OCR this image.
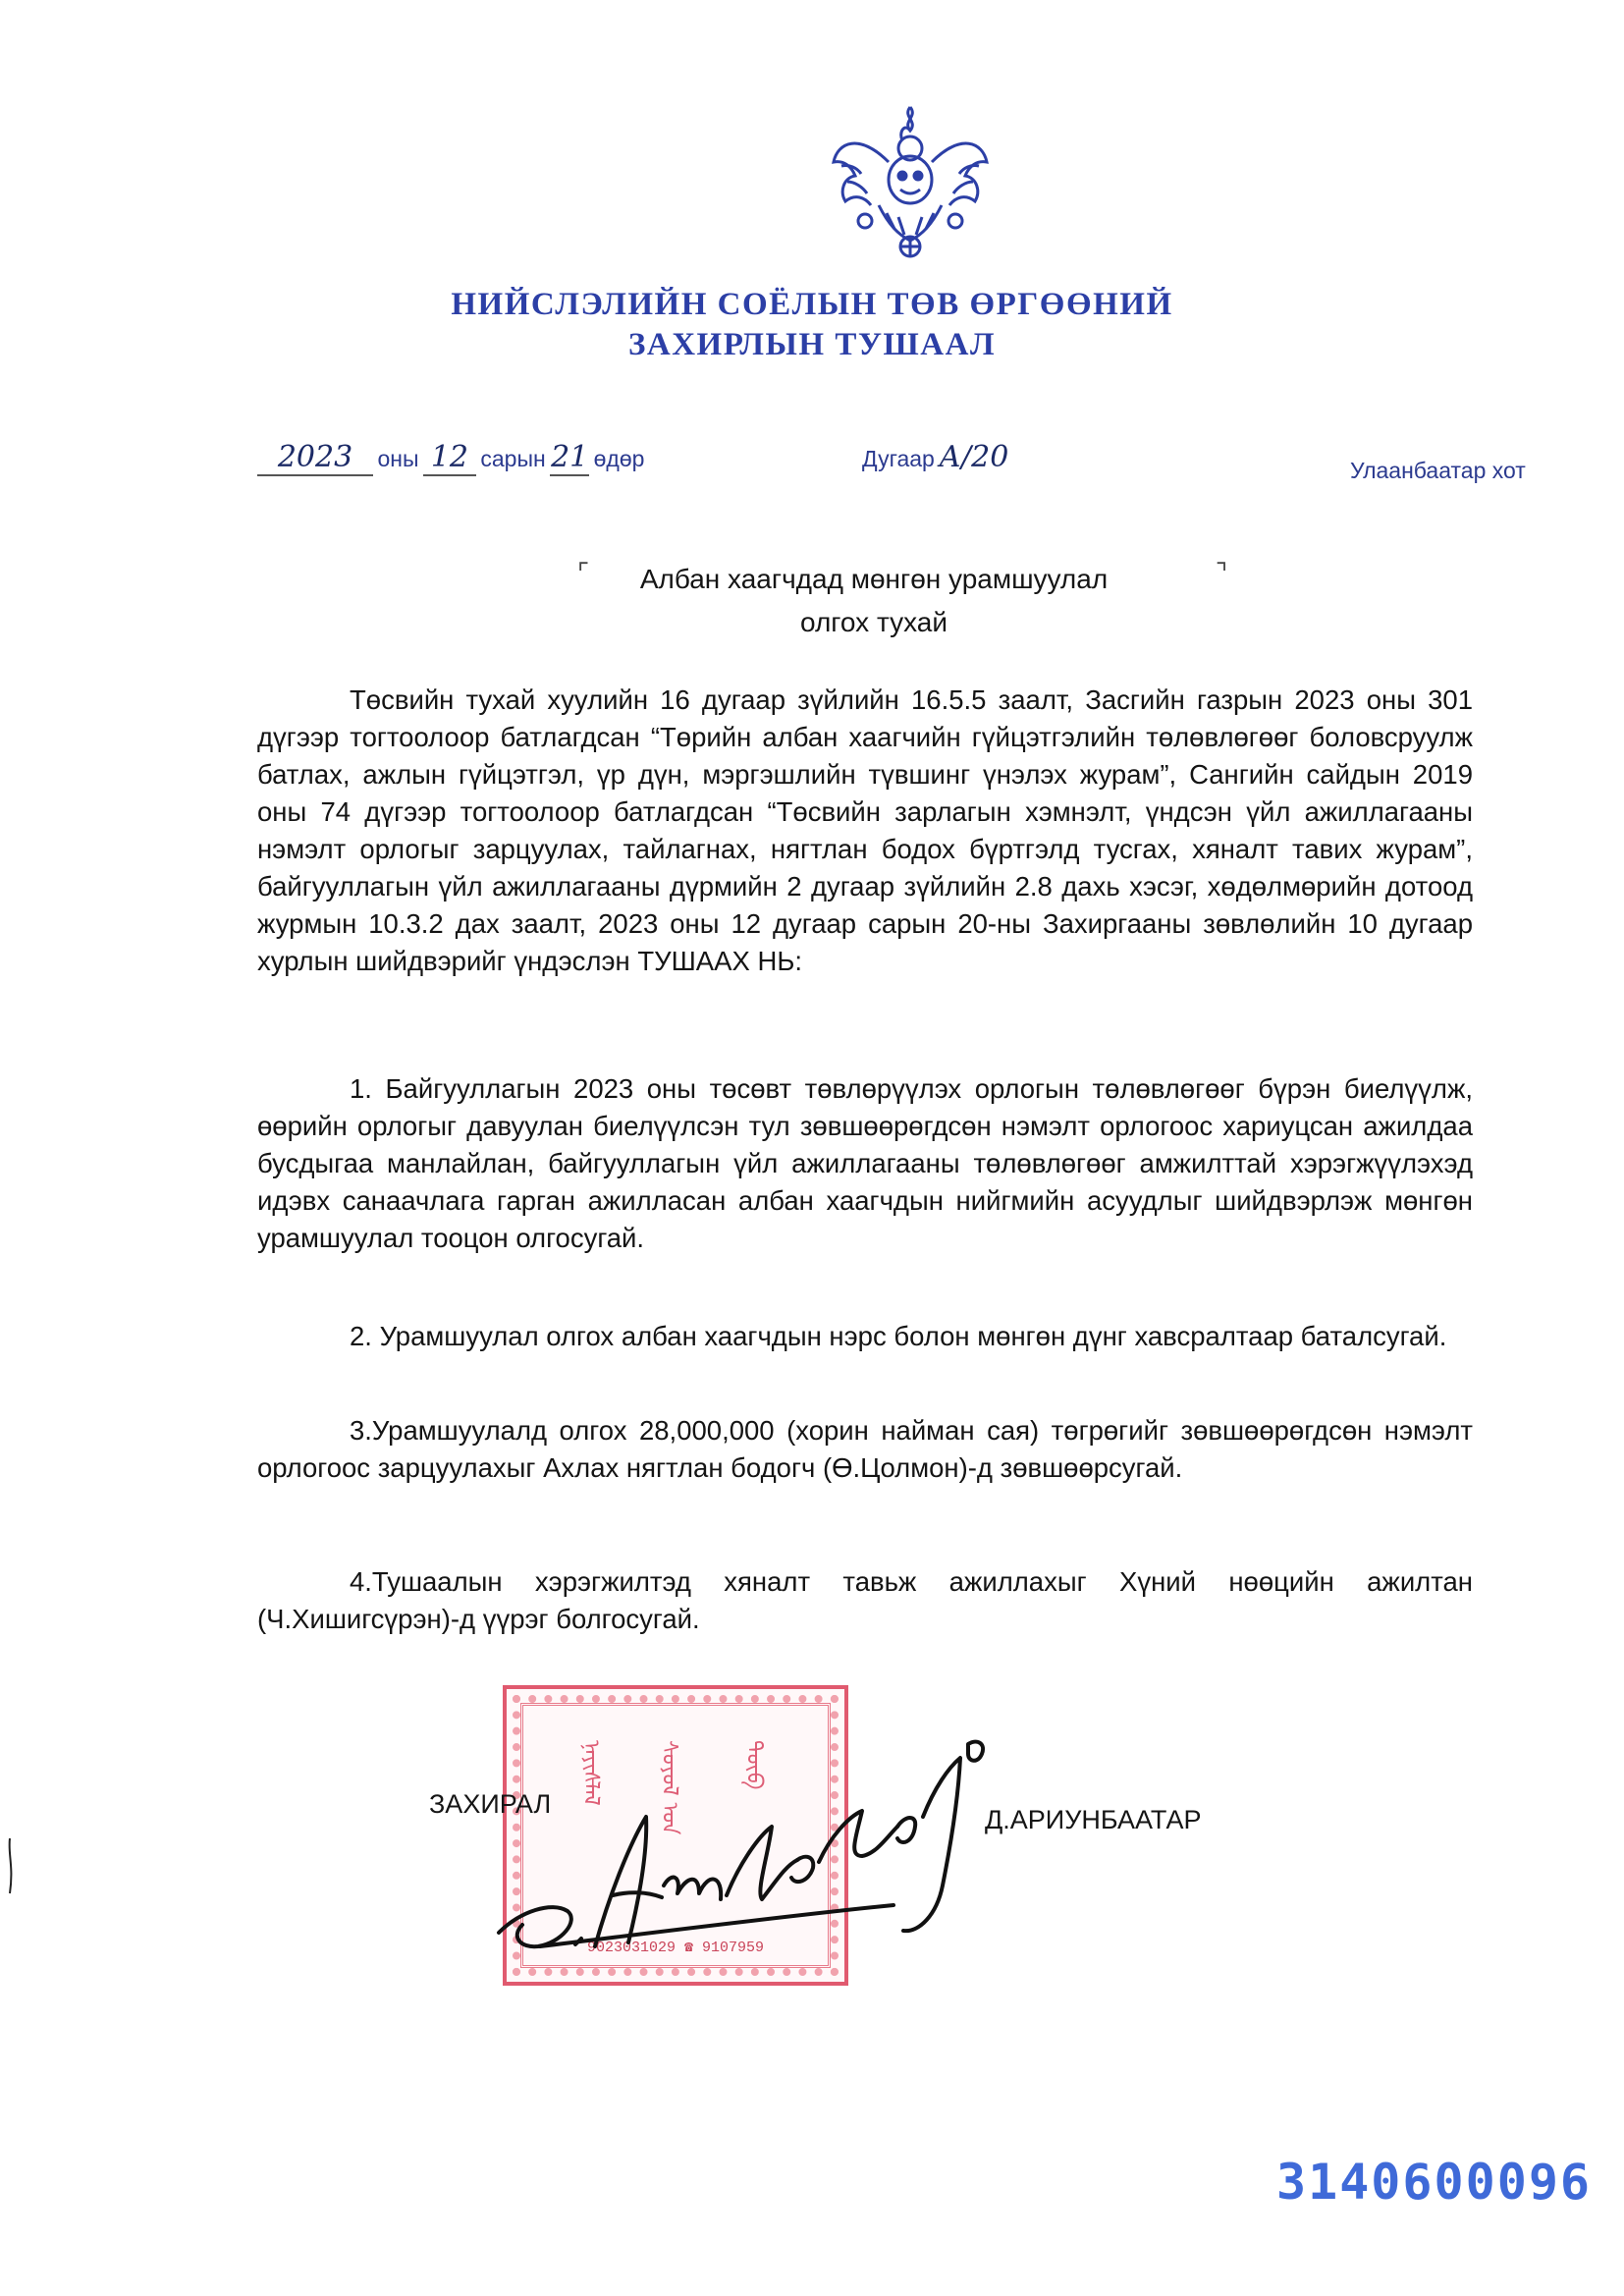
НИЙСЛЭЛИЙН СОЁЛЫН ТӨВ ӨРГӨӨНИЙ
ЗАХИРЛЫН ТУШААЛ
2023 оны 12 сарын 21 өдөр	Дугаар А/20	Улаанбаатар хот
⌜	⌝
Албан хаагчдад мөнгөн урамшуулал
олгох тухай
Төсвийн тухай хуулийн 16 дугаар зүйлийн 16.5.5 заалт, Засгийн газрын 2023 оны 301 дүгээр тогтоолоор батлагдсан “Төрийн албан хаагчийн гүйцэтгэлийн төлөвлөгөөг боловсруулж батлах, ажлын гүйцэтгэл, үр дүн, мэргэшлийн түвшинг үнэлэх журам”, Сангийн сайдын 2019 оны 74 дүгээр тогтоолоор батлагдсан “Төсвийн зарлагын хэмнэлт, үндсэн үйл ажиллагааны нэмэлт орлогыг зарцуулах, тайлагнах, нягтлан бодох бүртгэлд тусгах, хяналт тавих журам”, байгууллагын үйл ажиллагааны дүрмийн 2 дугаар зүйлийн 2.8 дахь хэсэг, хөдөлмөрийн дотоод журмын 10.3.2 дах заалт, 2023 оны 12 дугаар сарын 20-ны Захиргааны зөвлөлийн 10 дугаар хурлын шийдвэрийг үндэслэн ТУШААХ НЬ:
1. Байгууллагын 2023 оны төсөвт төвлөрүүлэх орлогын төлөвлөгөөг бүрэн биелүүлж, өөрийн орлогыг давуулан биелүүлсэн тул зөвшөөрөгдсөн нэмэлт орлогоос хариуцсан ажилдаа бусдыгаа манлайлан, байгууллагын үйл ажиллагааны төлөвлөгөөг амжилттай хэрэгжүүлэхэд идэвх санаачлага гарган ажилласан албан хаагчдын нийгмийн асуудлыг шийдвэрлэж мөнгөн урамшуулал тооцон олгосугай.
2. Урамшуулал олгох албан хаагчдын нэрс болон мөнгөн дүнг хавсралтаар баталсугай.
3.Урамшуулалд олгох 28,000,000 (хорин найман сая) төгрөгийг зөвшөөрөгдсөн нэмэлт орлогоос зарцуулахыг Ахлах нягтлан бодогч (Ө.Цолмон)-д зөвшөөрсугай.
4.Тушаалын хэрэгжилтэд хяналт тавьж ажиллахыг Хүний нөөцийн ажилтан (Ч.Хишигсүрэн)-д үүрэг болгосугай.
ᠨᠡᠶᠢᠰᠯᠡᠯ	ᠰᠣᠶᠣᠯ ᠤᠨ	ᠲᠥᠪ
9023031029 ☎ 9107959
ЗАХИРАЛ
Д.АРИУНБААТАР
3140600096
